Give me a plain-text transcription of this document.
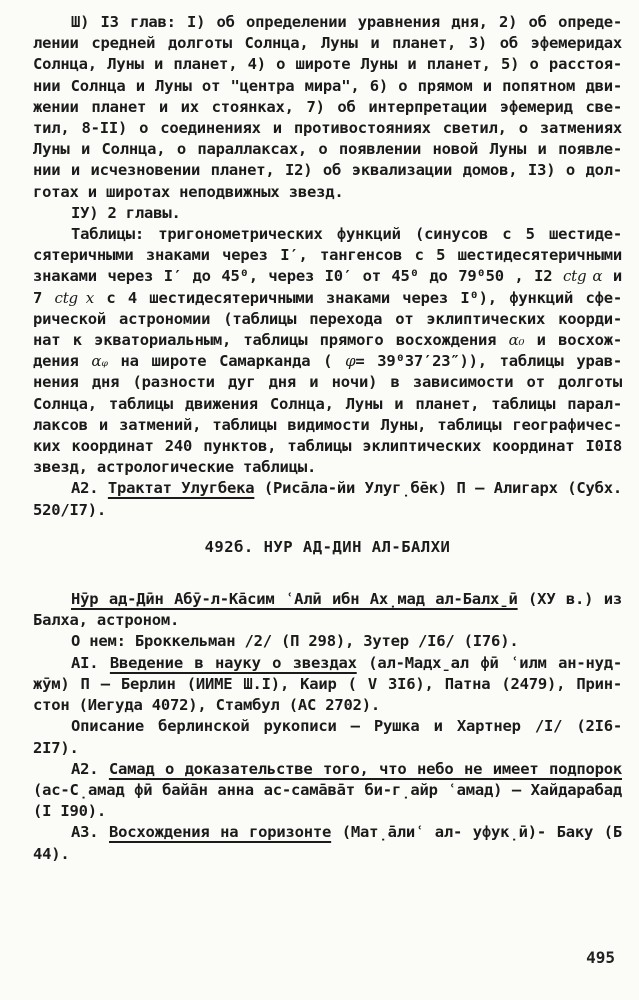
Ш) I3 глав: I) об определении уравнения дня, 2) об опреде-
лении средней долготы Солнца, Луны и планет, 3) об эфемеридах
Солнца, Луны и планет, 4) о широте Луны и планет, 5) о расстоя-
нии Солнца и Луны от "центра мира", 6) о прямом и попятном дви-
жении планет и их стоянках, 7) об интерпретации эфемерид све-
тил, 8-II) о соединениях и противостояниях светил, о затмениях
Луны и Солнца, о параллаксах, о появлении новой Луны и появле-
нии и исчезновении планет, I2) об эквализации домов, I3) о дол-
готах и широтах неподвижных звезд.
IУ) 2 главы.
Таблицы: тригонометрических функций (синусов с 5 шестиде-
сятеричными знаками через I′, тангенсов с 5 шестидесятеричными
знаками через I′ до 45⁰, через I0′ от 45⁰ до 79⁰50 , I2 ctg α и
7 ctg x с 4 шестидесятеричными знаками через I⁰), функций сфе-
рической астрономии (таблицы перехода от эклиптических коорди-
нат к экваториальным, таблицы прямого восхождения α₀ и восхож-
дения αᵩ на широте Самарканда ( φ= 39⁰37′23″)), таблицы урав-
нения дня (разности дуг дня и ночи) в зависимости от долготы
Солнца, таблицы движения Солнца, Луны и планет, таблицы парал-
лаксов и затмений, таблицы видимости Луны, таблицы географичес-
ких координат 240 пунктов, таблицы эклиптических координат I0I8
звезд, астрологические таблицы.
А2. Трактат Улугбека (Риса̄ла-йи Улуг̣бе̄к) П – Алигарх (Субх.
520/I7).
492б. НУР АД-ДИН АЛ-БАЛХИ
Нӯр ад-Дӣн Абӯ-л-Ка̄сим ʿАлӣ ибн Ах̣мад ал-Балх̱ӣ (ХУ в.) из
Балха, астроном.
О нем: Броккельман /2/ (П 298), Зутер /I6/ (I76).
АI. Введение в науку о звездах (ал-Мадх̱ал фӣ ʿилм ан-нуд-
жӯм) П – Берлин (ИИМЕ Ш.I), Каир ( V 3I6), Патна (2479), Прин-
стон (Иегуда 4072), Стамбул (АС 2702).
Описание берлинской рукописи – Рушка и Хартнер /I/ (2I6-
2I7).
А2. Самад о доказательстве того, что небо не имеет подпорок
(ас-С̣амад фӣ байа̄н анна ас-сама̄ва̄т би-г̣айр ʿамад) – Хайдарабад
(I I90).
А3. Восхождения на горизонте (Мат̣а̄лиʿ ал- уфук̣ӣ)- Баку (Б
44).
495
